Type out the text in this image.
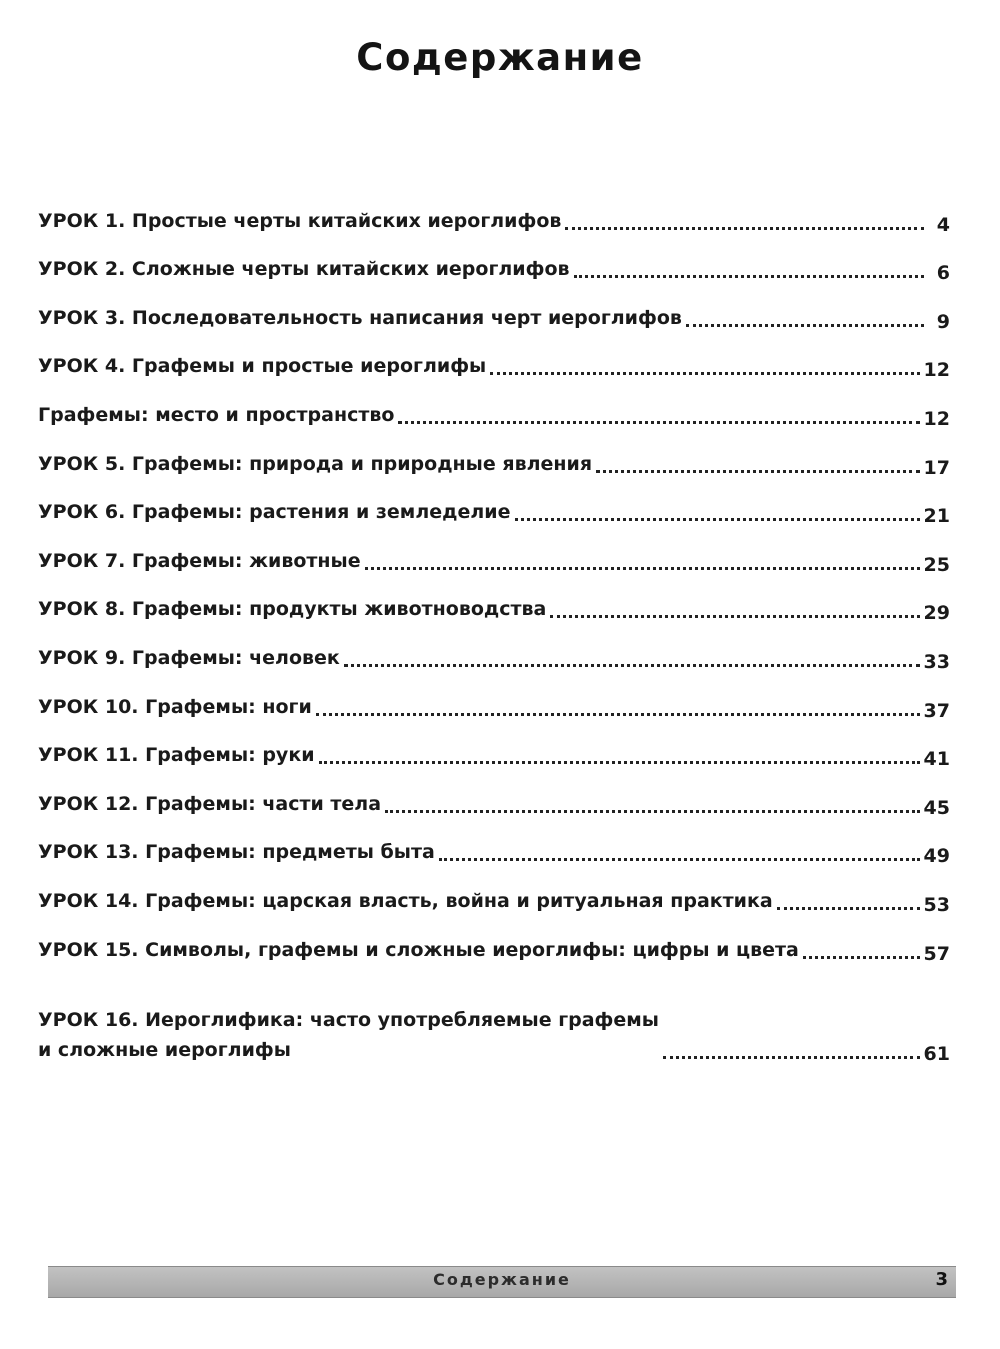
Содержание
УРОК 1. Простые черты китайских иероглифов	4
УРОК 2. Сложные черты китайских иероглифов	6
УРОК 3. Последовательность написания черт иероглифов	9
УРОК 4. Графемы и простые иероглифы	12
Графемы: место и пространство	12
УРОК 5. Графемы: природа и природные явления	17
УРОК 6. Графемы: растения и земледелие	21
УРОК 7. Графемы: животные	25
УРОК 8. Графемы: продукты животноводства	29
УРОК 9. Графемы: человек	33
УРОК 10. Графемы: ноги	37
УРОК 11. Графемы: руки	41
УРОК 12. Графемы: части тела	45
УРОК 13. Графемы: предметы быта	49
УРОК 14. Графемы: царская власть, война и ритуальная практика	53
УРОК 15. Символы, графемы и сложные иероглифы: цифры и цвета	57
УРОК 16. Иероглифика: часто употребляемые графемы
и сложные иероглифы	61
Содержание	3
